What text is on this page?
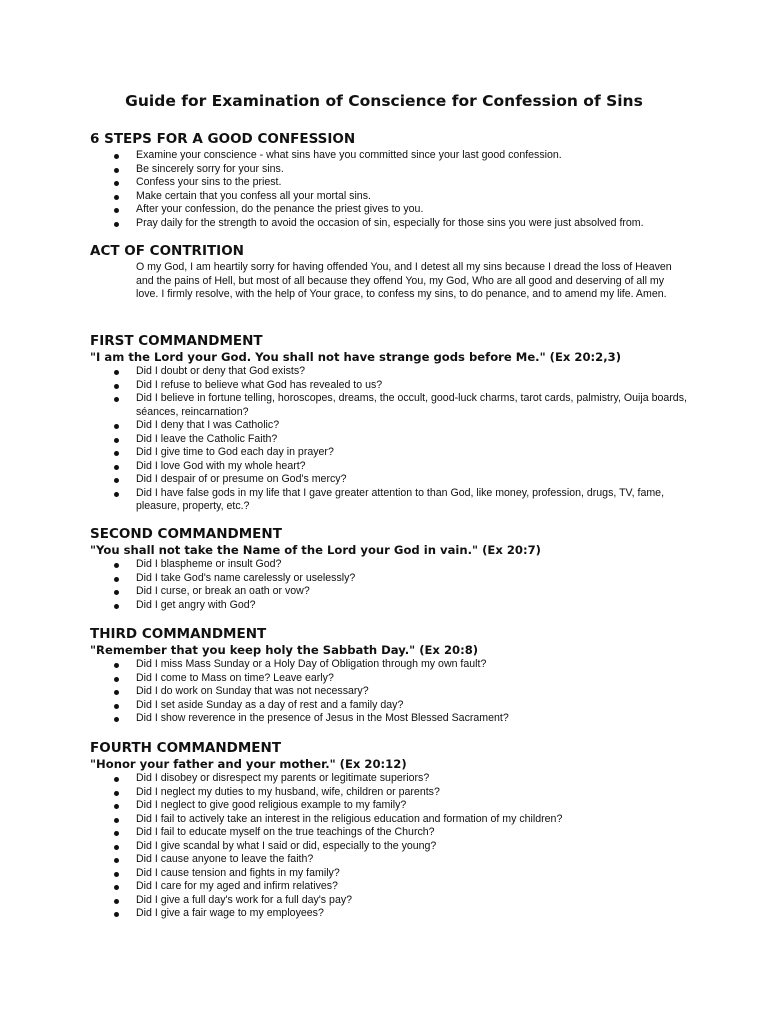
Guide for Examination of Conscience for Confession of Sins
6 STEPS FOR A GOOD CONFESSION
Examine your conscience - what sins have you committed since your last good confession.
Be sincerely sorry for your sins.
Confess your sins to the priest.
Make certain that you confess all your mortal sins.
After your confession, do the penance the priest gives to you.
Pray daily for the strength to avoid the occasion of sin, especially for those sins you were just absolved from.
ACT OF CONTRITION
O my God, I am heartily sorry for having offended You, and I detest all my sins because I dread the loss of Heaven and the pains of Hell, but most of all because they offend You, my God, Who are all good and deserving of all my love. I firmly resolve, with the help of Your grace, to confess my sins, to do penance, and to amend my life. Amen.
FIRST COMMANDMENT
"I am the Lord your God. You shall not have strange gods before Me." (Ex 20:2,3)
Did I doubt or deny that God exists?
Did I refuse to believe what God has revealed to us?
Did I believe in fortune telling, horoscopes, dreams, the occult, good-luck charms, tarot cards, palmistry, Ouija boards, séances, reincarnation?
Did I deny that I was Catholic?
Did I leave the Catholic Faith?
Did I give time to God each day in prayer?
Did I love God with my whole heart?
Did I despair of or presume on God's mercy?
Did I have false gods in my life that I gave greater attention to than God, like money, profession, drugs, TV, fame, pleasure, property, etc.?
SECOND COMMANDMENT
"You shall not take the Name of the Lord your God in vain." (Ex 20:7)
Did I blaspheme or insult God?
Did I take God's name carelessly or uselessly?
Did I curse, or break an oath or vow?
Did I get angry with God?
THIRD COMMANDMENT
"Remember that you keep holy the Sabbath Day." (Ex 20:8)
Did I miss Mass Sunday or a Holy Day of Obligation through my own fault?
Did I come to Mass on time? Leave early?
Did I do work on Sunday that was not necessary?
Did I set aside Sunday as a day of rest and a family day?
Did I show reverence in the presence of Jesus in the Most Blessed Sacrament?
FOURTH COMMANDMENT
"Honor your father and your mother." (Ex 20:12)
Did I disobey or disrespect my parents or legitimate superiors?
Did I neglect my duties to my husband, wife, children or parents?
Did I neglect to give good religious example to my family?
Did I fail to actively take an interest in the religious education and formation of my children?
Did I fail to educate myself on the true teachings of the Church?
Did I give scandal by what I said or did, especially to the young?
Did I cause anyone to leave the faith?
Did I cause tension and fights in my family?
Did I care for my aged and infirm relatives?
Did I give a full day's work for a full day's pay?
Did I give a fair wage to my employees?
